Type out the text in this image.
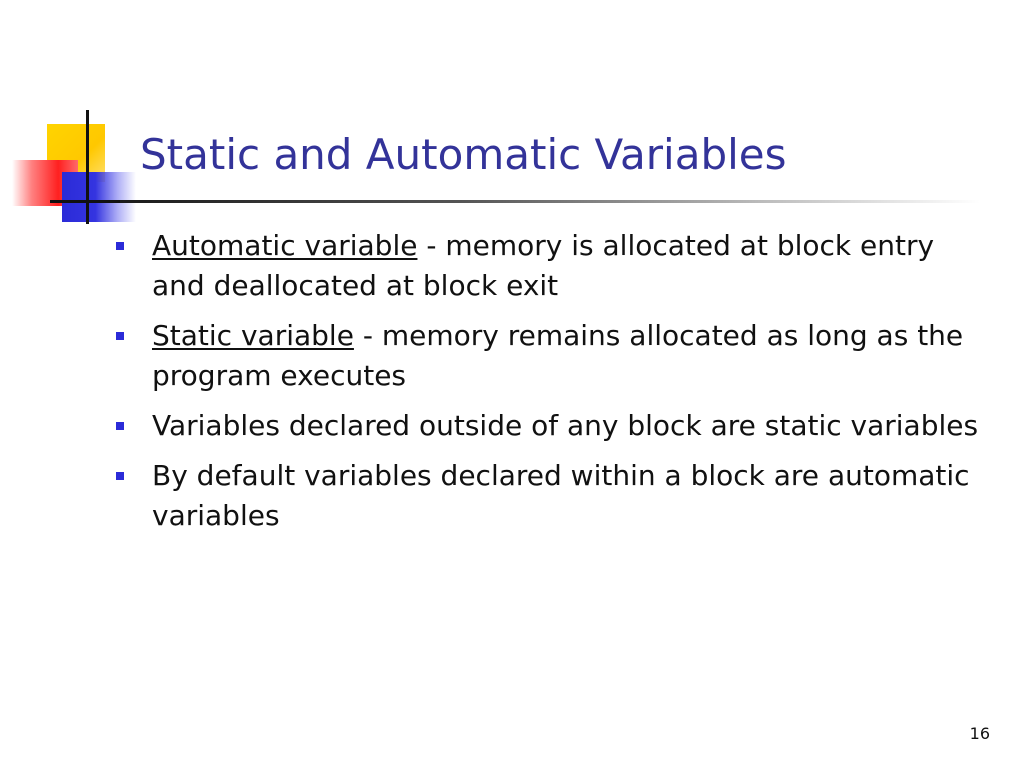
Static and Automatic Variables
Automatic variable - memory is allocated at block entry and deallocated at block exit
Static variable - memory remains allocated as long as the program executes
Variables declared outside of any block are static variables
By default variables declared within a block are automatic variables
16
